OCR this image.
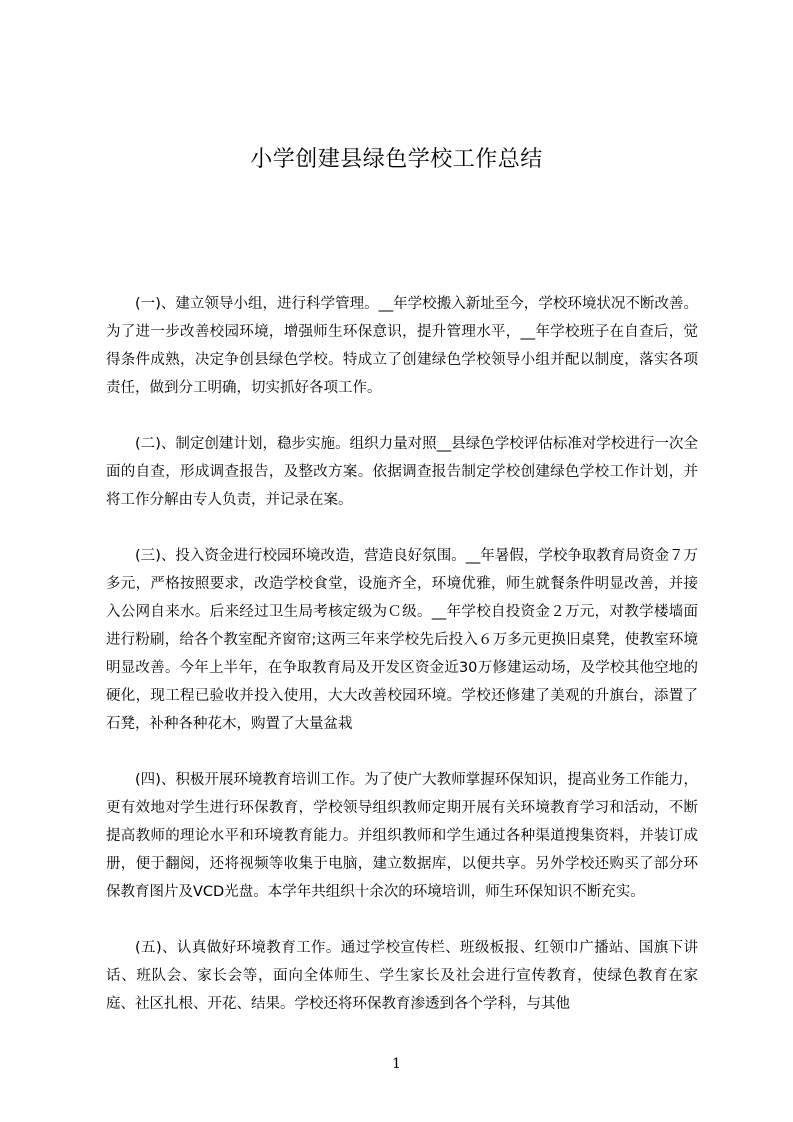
小学创建县绿色学校工作总结

(一)、建立领导小组，进行科学管理。__年学校搬入新址至今，学校环境状况不断改善。为了进一步改善校园环境，增强师生环保意识，提升管理水平，__年学校班子在自查后，觉得条件成熟，决定争创县绿色学校。特成立了创建绿色学校领导小组并配以制度，落实各项责任，做到分工明确，切实抓好各项工作。

(二)、制定创建计划，稳步实施。组织力量对照__县绿色学校评估标准对学校进行一次全面的自查，形成调查报告，及整改方案。依据调查报告制定学校创建绿色学校工作计划，并将工作分解由专人负责，并记录在案。

(三)、投入资金进行校园环境改造，营造良好氛围。__年暑假，学校争取教育局资金７万多元，严格按照要求，改造学校食堂，设施齐全，环境优雅，师生就餐条件明显改善，并接入公网自来水。后来经过卫生局考核定级为Ｃ级。__年学校自投资金２万元，对教学楼墙面进行粉刷，给各个教室配齐窗帘;这两三年来学校先后投入６万多元更换旧桌凳，使教室环境明显改善。今年上半年，在争取教育局及开发区资金近30万修建运动场，及学校其他空地的硬化，现工程已验收并投入使用，大大改善校园环境。学校还修建了美观的升旗台，添置了石凳，补种各种花木，购置了大量盆栽

(四)、积极开展环境教育培训工作。为了使广大教师掌握环保知识，提高业务工作能力，更有效地对学生进行环保教育，学校领导组织教师定期开展有关环境教育学习和活动，不断提高教师的理论水平和环境教育能力。并组织教师和学生通过各种渠道搜集资料，并装订成册，便于翻阅，还将视频等收集于电脑，建立数据库，以便共享。另外学校还购买了部分环保教育图片及VCD光盘。本学年共组织十余次的环境培训，师生环保知识不断充实。

(五)、认真做好环境教育工作。通过学校宣传栏、班级板报、红领巾广播站、国旗下讲话、班队会、家长会等，面向全体师生、学生家长及社会进行宣传教育，使绿色教育在家庭、社区扎根、开花、结果。学校还将环保教育渗透到各个学科，与其他

1
